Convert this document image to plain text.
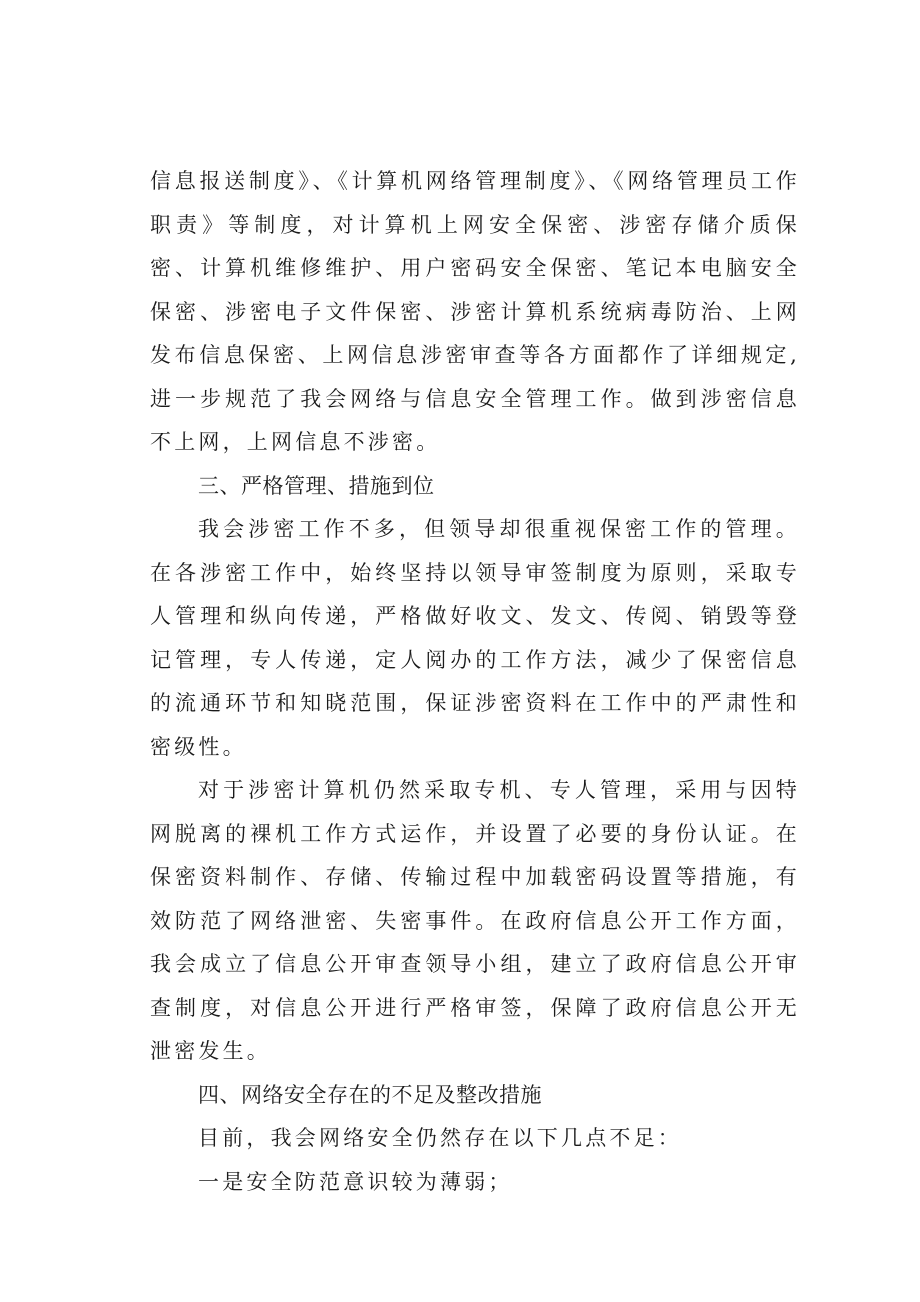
信息报送制度》、《计算机网络管理制度》、《网络管理员工作职责》等制度，对计算机上网安全保密、涉密存储介质保密、计算机维修维护、用户密码安全保密、笔记本电脑安全保密、涉密电子文件保密、涉密计算机系统病毒防治、上网发布信息保密、上网信息涉密审查等各方面都作了详细规定,进一步规范了我会网络与信息安全管理工作。做到涉密信息不上网，上网信息不涉密。

三、严格管理、措施到位

我会涉密工作不多，但领导却很重视保密工作的管理。在各涉密工作中，始终坚持以领导审签制度为原则，采取专人管理和纵向传递，严格做好收文、发文、传阅、销毁等登记管理，专人传递，定人阅办的工作方法，减少了保密信息的流通环节和知晓范围，保证涉密资料在工作中的严肃性和密级性。

对于涉密计算机仍然采取专机、专人管理，采用与因特网脱离的裸机工作方式运作，并设置了必要的身份认证。在保密资料制作、存储、传输过程中加载密码设置等措施，有效防范了网络泄密、失密事件。在政府信息公开工作方面，我会成立了信息公开审查领导小组，建立了政府信息公开审查制度，对信息公开进行严格审签，保障了政府信息公开无泄密发生。

四、网络安全存在的不足及整改措施

目前，我会网络安全仍然存在以下几点不足：

一是安全防范意识较为薄弱；
